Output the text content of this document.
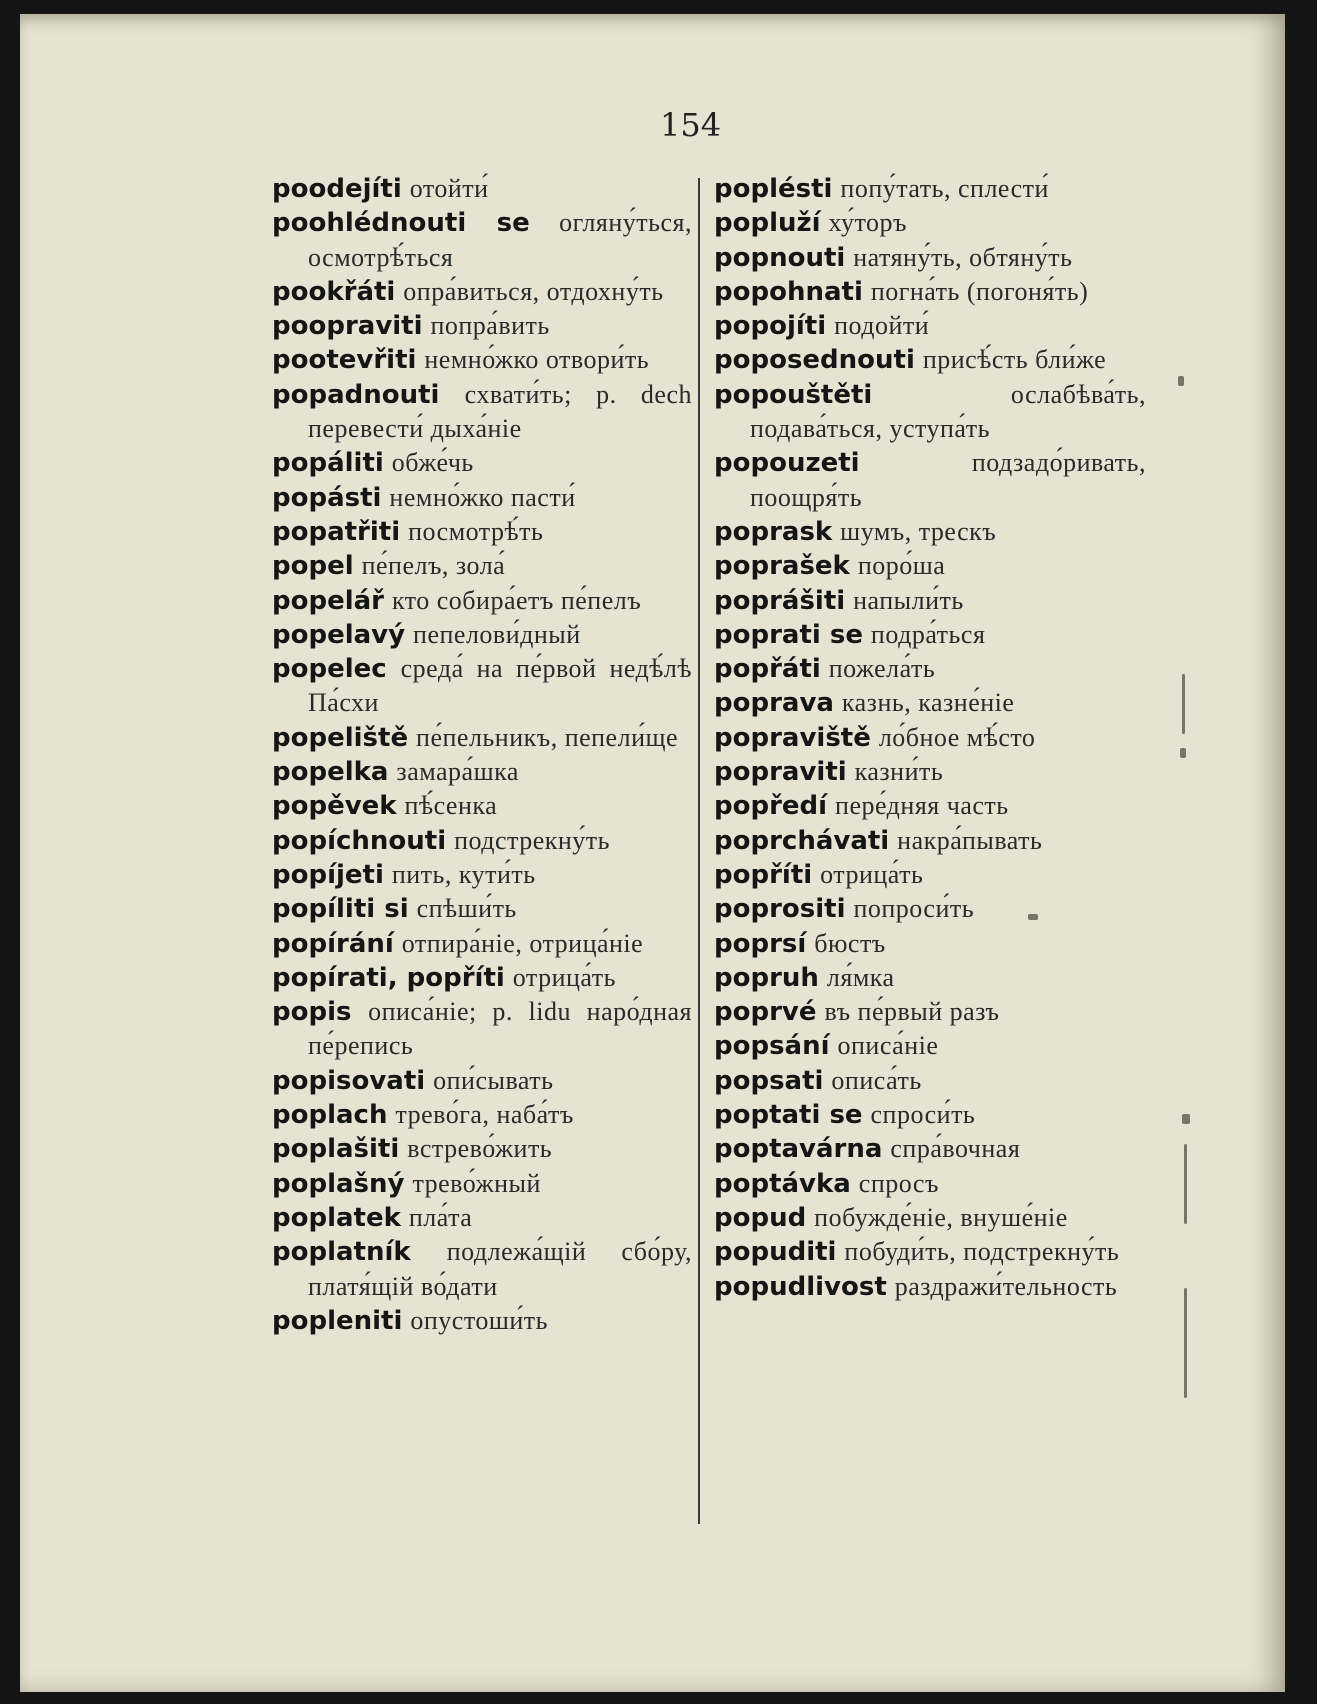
154
poodejíti отойти́
poohlédnouti se огляну́ться, осмотрѣ́ться
pookřáti опра́виться, отдохну́ть
poopraviti попра́вить
pootevřiti немно́жко отвори́ть
popadnouti схвати́ть; p. dech перевести́ дыха́ніе
popáliti обже́чь
popásti немно́жко пасти́
popatřiti посмотрѣ́ть
popel пе́пелъ, зола́
popelář кто собира́етъ пе́пелъ
popelavý пепелови́дный
popelec среда́ на пе́рвой недѣ́лѣ Па́схи
popeliště пе́пельникъ, пепели́ще
popelka замара́шка
popěvek пѣ́сенка
popíchnouti подстрекну́ть
popíjeti пить, кути́ть
popíliti si спѣши́ть
popírání отпира́ніе, отрица́ніе
popírati, popříti отрица́ть
popis описа́ніе; p. lidu наро́дная пе́репись
popisovati опи́сывать
poplach трево́га, наба́тъ
poplašiti встрево́жить
poplašný трево́жный
poplatek пла́та
poplatník подлежа́щій сбо́ру, платя́щій во́дати
popleniti опустоши́ть
poplésti попу́тать, сплести́
popluží ху́торъ
popnouti натяну́ть, обтяну́ть
popohnati погна́ть (погоня́ть)
popojíti подойти́
poposednouti присѣ́сть бли́же
popouštěti	ослабѣва́ть, подава́ться, уступа́ть
popouzeti	подзадо́ривать, поощря́ть
poprask шумъ, трескъ
poprašek поро́ша
poprášiti напыли́ть
poprati se подра́ться
popřáti пожела́ть
poprava казнь, казне́ніе
popraviště ло́бное мѣ́сто
popraviti казни́ть
popředí пере́дняя часть
poprchávati накра́пывать
popříti отрица́ть
poprositi попроси́ть
poprsí бюстъ
popruh ля́мка
poprvé въ пе́рвый разъ
popsání описа́ніе
popsati описа́ть
poptati se спроси́ть
poptavárna спра́вочная
poptávka спросъ
popud побужде́ніе, внуше́ніе
popuditi побуди́ть, подстрекну́ть
popudlivost раздражи́тельность
